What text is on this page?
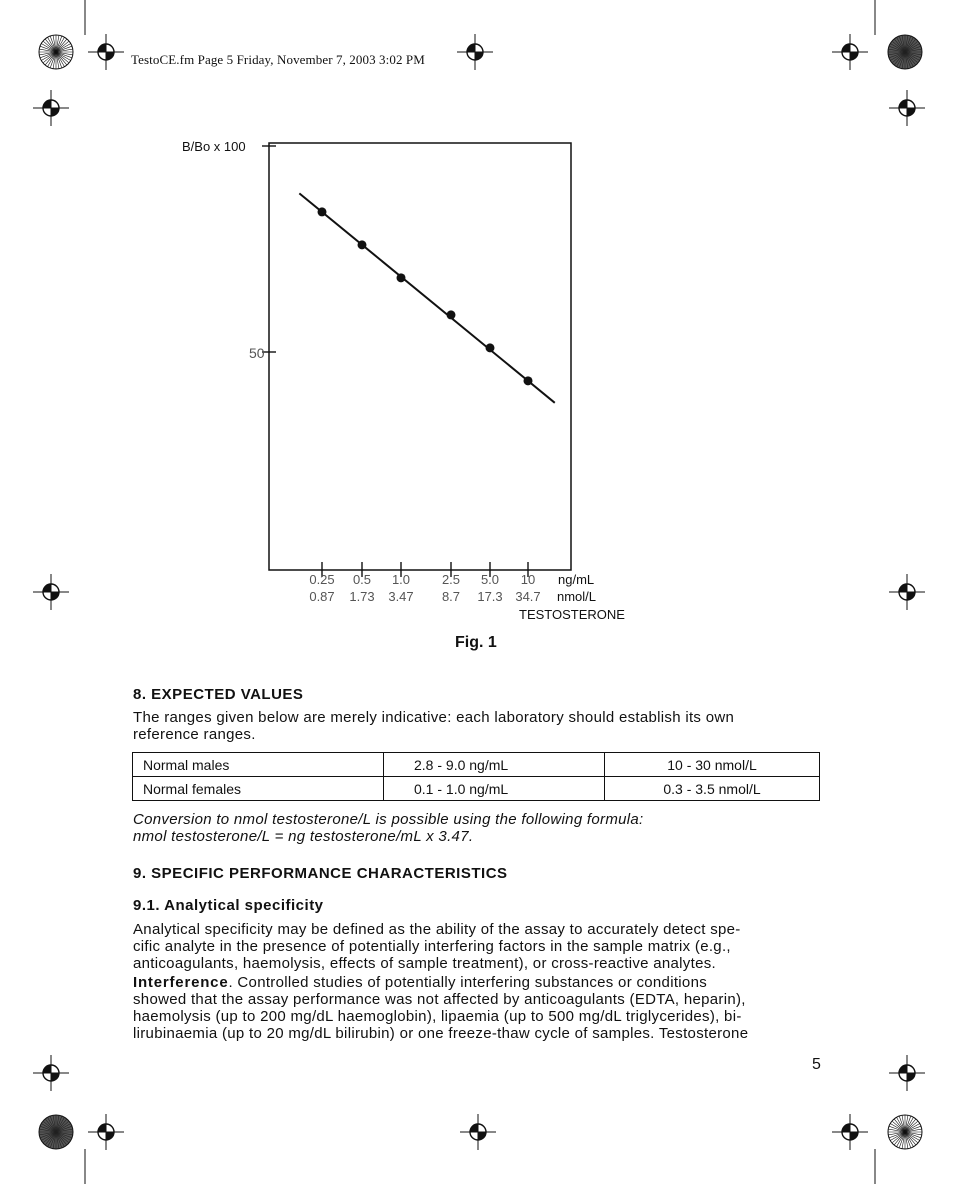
TestoCE.fm Page 5 Friday, November 7, 2003 3:02 PM
B/Bo x 100
50
0.25
0.87
0.5
1.73
1.0
3.47
2.5
8.7
5.0
17.3
10
34.7
ng/mL
nmol/L
TESTOSTERONE
Fig. 1
8. EXPECTED VALUES
The ranges given below are merely indicative: each laboratory should establish its own
reference ranges.
Normal males	2.8 - 9.0 ng/mL	10 - 30 nmol/L
Normal females	0.1 - 1.0 ng/mL	0.3 - 3.5 nmol/L
Conversion to nmol testosterone/L is possible using the following formula:
nmol testosterone/L = ng testosterone/mL x 3.47.
9. SPECIFIC PERFORMANCE CHARACTERISTICS
9.1. Analytical specificity
Analytical specificity may be defined as the ability of the assay to accurately detect spe-
cific analyte in the presence of potentially interfering factors in the sample matrix (e.g.,
anticoagulants, haemolysis, effects of sample treatment), or cross-reactive analytes.
Interference. Controlled studies of potentially interfering substances or conditions
showed that the assay performance was not affected by anticoagulants (EDTA, heparin),
haemolysis (up to 200 mg/dL haemoglobin), lipaemia (up to 500 mg/dL triglycerides), bi-
lirubinaemia (up to 20 mg/dL bilirubin) or one freeze-thaw cycle of samples. Testosterone
5
